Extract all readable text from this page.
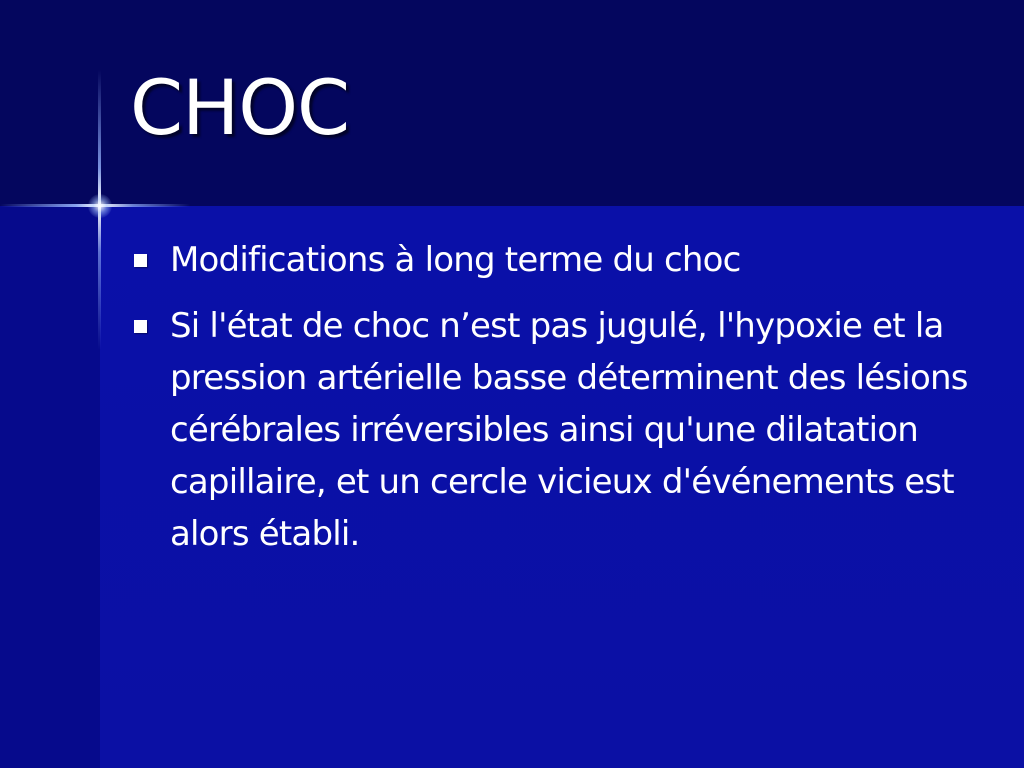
CHOC
Modifications à long terme du choc
Si l'état de choc n’est pas jugulé, l'hypoxie et la pression artérielle basse déterminent des lésions cérébrales irréversibles ainsi qu'une dilatation capillaire, et un cercle vicieux d'événements est alors établi.
